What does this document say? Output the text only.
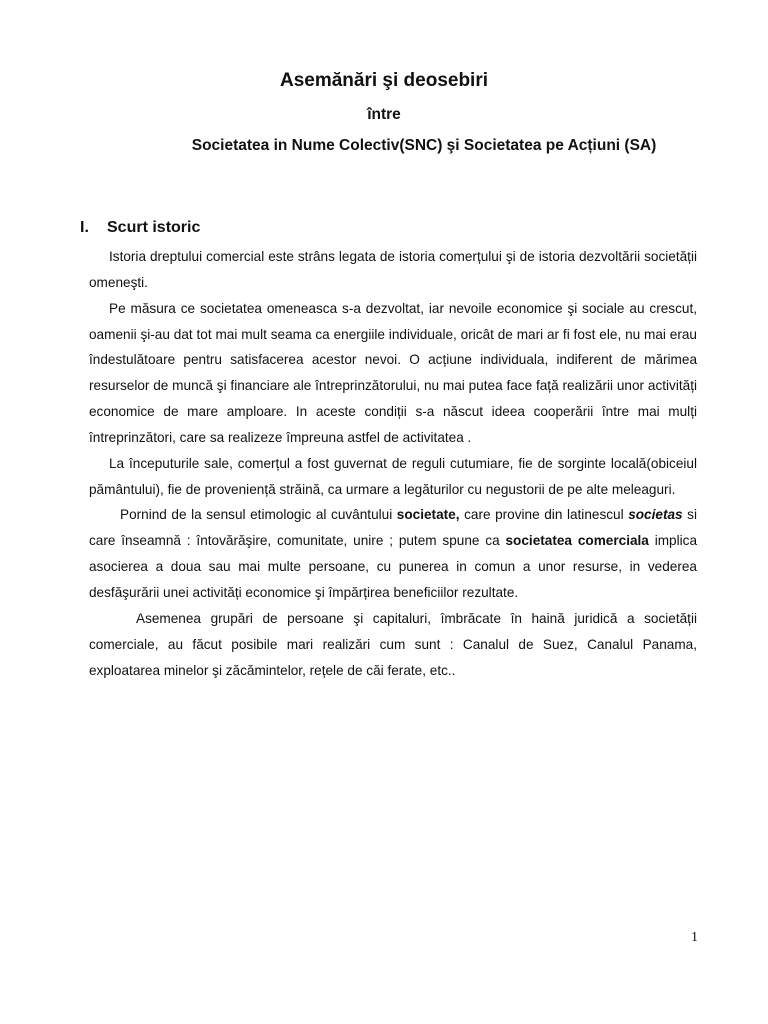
Asemănări şi deosebiri
între
Societatea in Nume Colectiv(SNC) şi Societatea pe Acțiuni (SA)
I. Scurt istoric

Istoria dreptului comercial este strâns legata de istoria comerțului şi de istoria dezvoltării societății omeneşti.

Pe măsura ce societatea omeneasca s-a dezvoltat, iar nevoile economice şi sociale au crescut, oamenii şi-au dat tot mai mult seama ca energiile individuale, oricât de mari ar fi fost ele, nu mai erau îndestulătoare pentru satisfacerea acestor nevoi. O acțiune individuala, indiferent de mărimea resurselor de muncă şi financiare ale întreprinzătorului, nu mai putea face față realizării unor activități economice de mare amploare. In aceste condiții s-a născut ideea cooperării între mai mulți întreprinzători, care sa realizeze împreuna astfel de activitatea .

La începuturile sale, comerțul a fost guvernat de reguli cutumiare, fie de sorginte locală(obiceiul pământului), fie de proveniență străină, ca urmare a legăturilor cu negustorii de pe alte meleaguri.

Pornind de la sensul etimologic al cuvântului societate, care provine din latinescul societas si care înseamnă : întovărăşire, comunitate, unire ; putem spune ca societatea comerciala implica asocierea a doua sau mai multe persoane, cu punerea in comun a unor resurse, in vederea desfăşurării unei activități economice şi împărțirea beneficiilor rezultate.

Asemenea grupări de persoane şi capitaluri, îmbrăcate în haină juridică a societății comerciale, au făcut posibile mari realizări cum sunt : Canalul de Suez, Canalul Panama, exploatarea minelor şi zăcămintelor, rețele de căi ferate, etc..

1
